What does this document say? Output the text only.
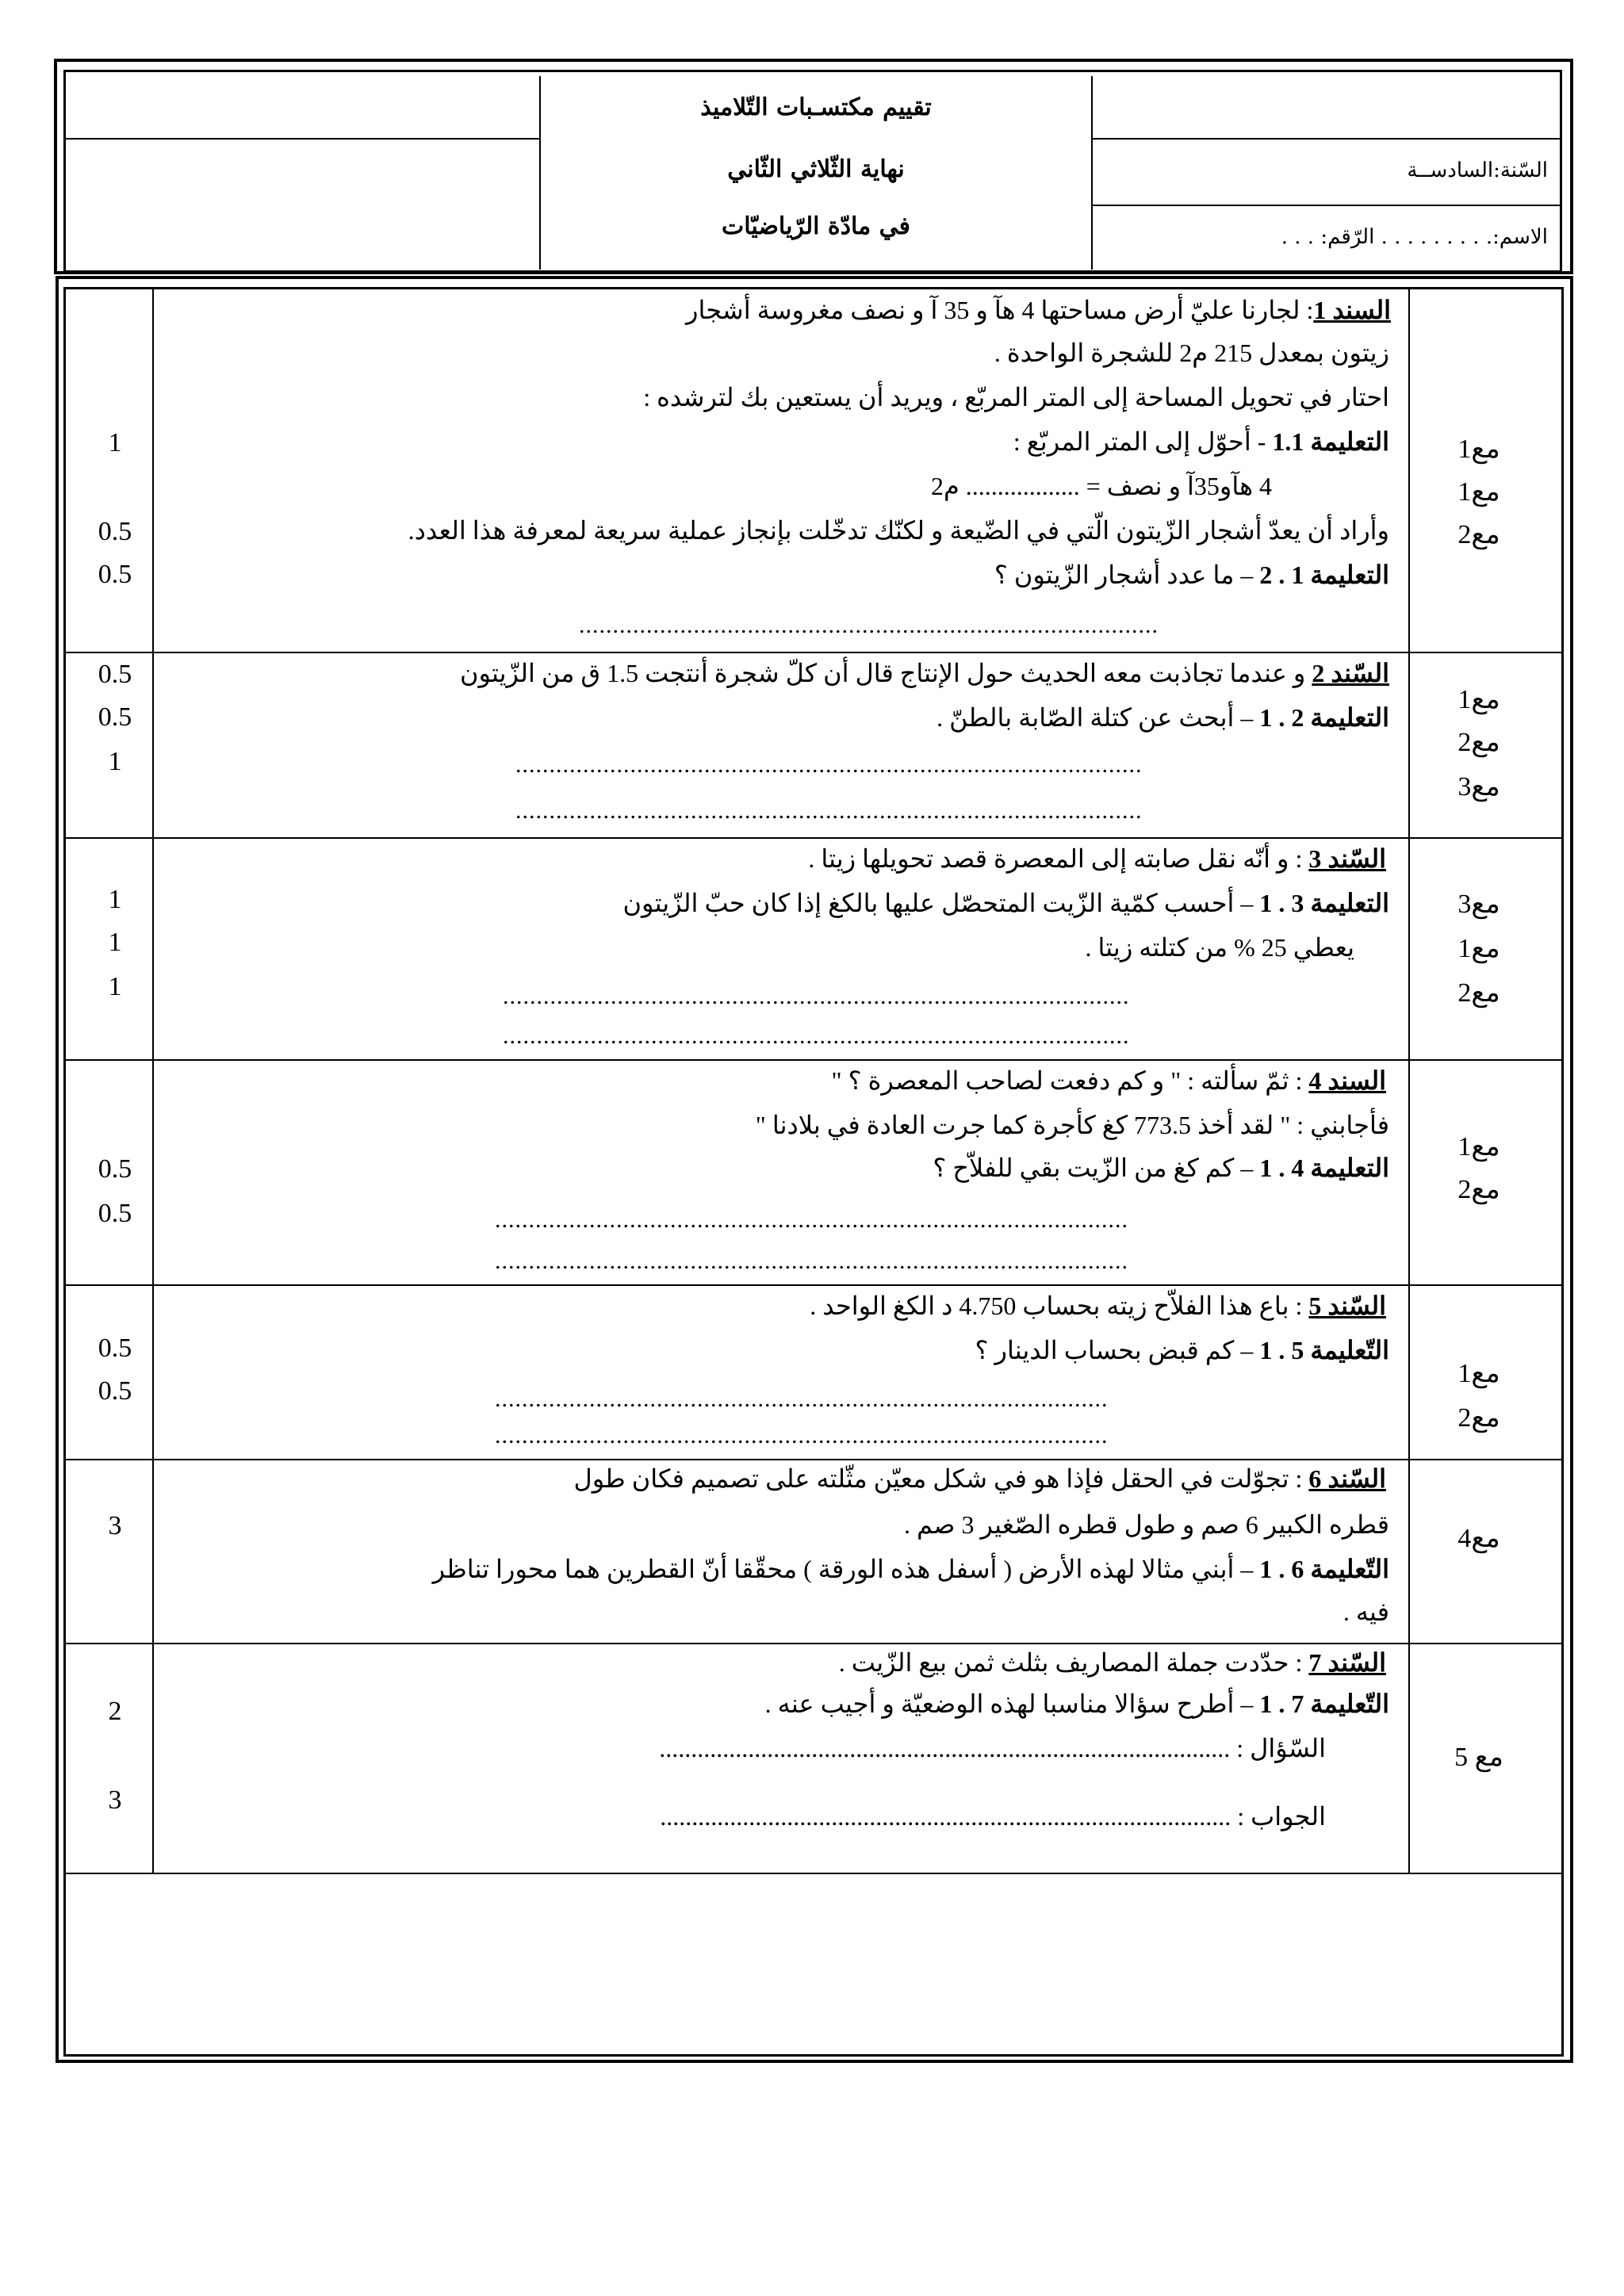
تقييم مكتسـبات التّلاميذ
نهاية الثّلاثي الثّاني
في مادّة الرّياضيّات
السّنة:السادســة
الاسم:. . . . . . . . . الرّقم: . . .
السند 1: لجارنا عليّ أرض مساحتها 4 هآ و 35 آ و نصف مغروسة أشجار
زيتون بمعدل 215 م2 للشجرة الواحدة .
احتار في تحويل المساحة إلى المتر المربّع ، ويريد أن يستعين بك لترشده :
التعليمة 1.1 - أحوّل إلى المتر المربّع :
4 هآو35آ و نصف = .................. م2
وأراد أن يعدّ أشجار الزّيتون الّتي في الضّيعة و لكنّك تدخّلت بإنجاز عملية سريعة لمعرفة هذا العدد.
التعليمة 1 . 2 – ما عدد أشجار الزّيتون ؟
......................................................................................
1
0.5
0.5
مع1
مع1
مع2
السّند 2 و عندما تجاذبت معه الحديث حول الإنتاج قال أن كلّ شجرة أنتجت 1.5 ق من الزّيتون
التعليمة 2 . 1 – أبحث عن كتلة الصّابة بالطنّ .
.............................................................................................
.............................................................................................
0.5
0.5
1
مع1
مع2
مع3
السّند 3 : و أنّه نقل صابته إلى المعصرة قصد تحويلها زيتا .
التعليمة 3 . 1 – أحسب كمّية الزّيت المتحصّل عليها بالكغ إذا كان حبّ الزّيتون
يعطي 25 % من كتلته زيتا .
.............................................................................................
.............................................................................................
1
1
1
مع3
مع1
مع2
السند 4 : ثمّ سألته : " و كم دفعت لصاحب المعصرة ؟ "
فأجابني : " لقد أخذ 773.5 كغ كأجرة كما جرت العادة في بلادنا "
التعليمة 4 . 1 – كم كغ من الزّيت بقي للفلاّح ؟
..............................................................................................
..............................................................................................
0.5
0.5
مع1
مع2
السّند 5 : باع هذا الفلاّح زيته بحساب 4.750 د الكغ الواحد .
التّعليمة 5 . 1 – كم قبض بحساب الدينار ؟
...........................................................................................
...........................................................................................
0.5
0.5
مع1
مع2
السّند 6 : تجوّلت في الحقل فإذا هو في شكل معيّن مثّلته على تصميم فكان طول
قطره الكبير 6 صم و طول قطره الصّغير 3 صم .
التّعليمة 6 . 1 – أبني مثالا لهذه الأرض ( أسفل هذه الورقة ) محقّقا أنّ القطرين هما محورا تناظر
فيه .
3	مع4
السّند 7 : حدّدت جملة المصاريف بثلث ثمن بيع الزّيت .
التّعليمة 7 . 1 – أطرح سؤالا مناسبا لهذه الوضعيّة و أجيب عنه .
السّؤال : ..........................................................................................
الجواب : ..........................................................................................
2
3
مع 5
